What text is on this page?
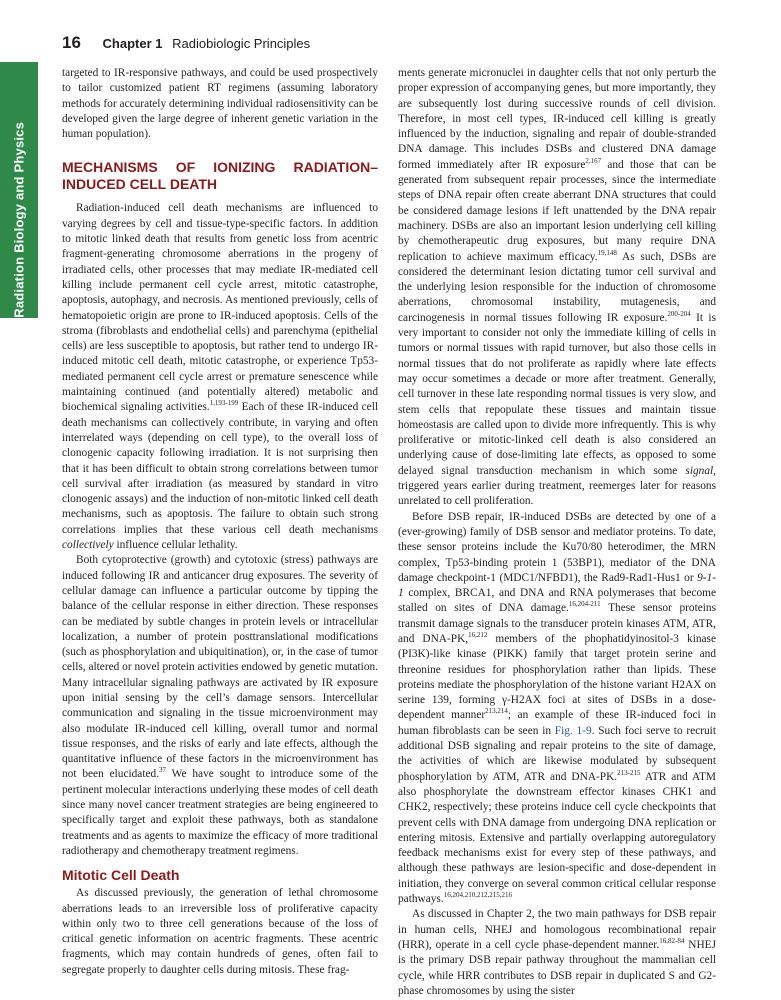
Section I: Radiation Biology and Physics
16 Chapter 1 Radiobiologic Principles

targeted to IR-responsive pathways, and could be used prospectively to tailor customized patient RT regimens (assuming laboratory methods for accurately determining individual radiosensitivity can be developed given the large degree of inherent genetic variation in the human population).

MECHANISMS OF IONIZING RADIATION–INDUCED CELL DEATH

Radiation-induced cell death mechanisms are influenced to varying degrees by cell and tissue-type-specific factors. In addition to mitotic linked death that results from genetic loss from acentric fragment-generating chromosome aberrations in the progeny of irradiated cells, other processes that may mediate IR-mediated cell killing include permanent cell cycle arrest, mitotic catastrophe, apoptosis, autophagy, and necrosis. As mentioned previously, cells of hematopoietic origin are prone to IR-induced apoptosis. Cells of the stroma (fibroblasts and endothelial cells) and parenchyma (epithelial cells) are less susceptible to apoptosis, but rather tend to undergo IR-induced mitotic cell death, mitotic catastrophe, or experience Tp53-mediated permanent cell cycle arrest or premature senescence while maintaining continued (and potentially altered) metabolic and biochemical signaling activities.$^{1,193-199}$ Each of these IR-induced cell death mechanisms can collectively contribute, in varying and often interrelated ways (depending on cell type), to the overall loss of clonogenic capacity following irradiation. It is not surprising then that it has been difficult to obtain strong correlations between tumor cell survival after irradiation (as measured by standard in vitro clonogenic assays) and the induction of non-mitotic linked cell death mechanisms, such as apoptosis. The failure to obtain such strong correlations implies that these various cell death mechanisms collectively influence cellular lethality.

Both cytoprotective (growth) and cytotoxic (stress) pathways are induced following IR and anticancer drug exposures. The severity of cellular damage can influence a particular outcome by tipping the balance of the cellular response in either direction. These responses can be mediated by subtle changes in protein levels or intracellular localization, a number of protein posttranslational modifications (such as phosphorylation and ubiquitination), or, in the case of tumor cells, altered or novel protein activities endowed by genetic mutation. Many intracellular signaling pathways are activated by IR exposure upon initial sensing by the cell’s damage sensors. Intercellular communication and signaling in the tissue microenvironment may also modulate IR-induced cell killing, overall tumor and normal tissue responses, and the risks of early and late effects, although the quantitative influence of these factors in the microenvironment has not been elucidated.$^{37}$ We have sought to introduce some of the pertinent molecular interactions underlying these modes of cell death since many novel cancer treatment strategies are being engineered to specifically target and exploit these pathways, both as standalone treatments and as agents to maximize the efficacy of more traditional radiotherapy and chemotherapy treatment regimens.

Mitotic Cell Death

As discussed previously, the generation of lethal chromosome aberrations leads to an irreversible loss of proliferative capacity within only two to three cell generations because of the loss of critical genetic information on acentric fragments. These acentric fragments, which may contain hundreds of genes, often fail to segregate properly to daughter cells during mitosis. These frag-

ments generate micronuclei in daughter cells that not only perturb the proper expression of accompanying genes, but more importantly, they are subsequently lost during successive rounds of cell division. Therefore, in most cell types, IR-induced cell killing is greatly influenced by the induction, signaling and repair of double-stranded DNA damage. This includes DSBs and clustered DNA damage formed immediately after IR exposure$^{2,167}$ and those that can be generated from subsequent repair processes, since the intermediate steps of DNA repair often create aberrant DNA structures that could be considered damage lesions if left unattended by the DNA repair machinery. DSBs are also an important lesion underlying cell killing by chemotherapeutic drug exposures, but many require DNA replication to achieve maximum efficacy.$^{19,148}$ As such, DSBs are considered the determinant lesion dictating tumor cell survival and the underlying lesion responsible for the induction of chromosome aberrations, chromosomal instability, mutagenesis, and carcinogenesis in normal tissues following IR exposure.$^{200-204}$ It is very important to consider not only the immediate killing of cells in tumors or normal tissues with rapid turnover, but also those cells in normal tissues that do not proliferate as rapidly where late effects may occur sometimes a decade or more after treatment. Generally, cell turnover in these late responding normal tissues is very slow, and stem cells that repopulate these tissues and maintain tissue homeostasis are called upon to divide more infrequently. This is why proliferative or mitotic-linked cell death is also considered an underlying cause of dose-limiting late effects, as opposed to some delayed signal transduction mechanism in which some signal, triggered years earlier during treatment, reemerges later for reasons unrelated to cell proliferation.

Before DSB repair, IR-induced DSBs are detected by one of a (ever-growing) family of DSB sensor and mediator proteins. To date, these sensor proteins include the Ku70/80 heterodimer, the MRN complex, Tp53-binding protein 1 (53BP1), mediator of the DNA damage checkpoint-1 (MDC1/NFBD1), the Rad9-Rad1-Hus1 or 9-1-1 complex, BRCA1, and DNA and RNA polymerases that become stalled on sites of DNA damage.$^{16,204-211}$ These sensor proteins transmit damage signals to the transducer protein kinases ATM, ATR, and DNA-PK,$^{16,212}$ members of the phophatidyinositol-3 kinase (PI3K)-like kinase (PIKK) family that target protein serine and threonine residues for phosphorylation rather than lipids. These proteins mediate the phosphorylation of the histone variant H2AX on serine 139, forming γ-H2AX foci at sites of DSBs in a dose-dependent manner$^{213,214}$; an example of these IR-induced foci in human fibroblasts can be seen in Fig. 1-9. Such foci serve to recruit additional DSB signaling and repair proteins to the site of damage, the activities of which are likewise modulated by subsequent phosphorylation by ATM, ATR and DNA-PK.$^{213-215}$ ATR and ATM also phosphorylate the downstream effector kinases CHK1 and CHK2, respectively; these proteins induce cell cycle checkpoints that prevent cells with DNA damage from undergoing DNA replication or entering mitosis. Extensive and partially overlapping autoregulatory feedback mechanisms exist for every step of these pathways, and although these pathways are lesion-specific and dose-dependent in initiation, they converge on several common critical cellular response pathways.$^{16,204,210,212,215,216}$

As discussed in Chapter 2, the two main pathways for DSB repair in human cells, NHEJ and homologous recombinational repair (HRR), operate in a cell cycle phase-dependent manner.$^{16,82-84}$ NHEJ is the primary DSB repair pathway throughout the mammalian cell cycle, while HRR contributes to DSB repair in duplicated S and G2-phase chromosomes by using the sister
